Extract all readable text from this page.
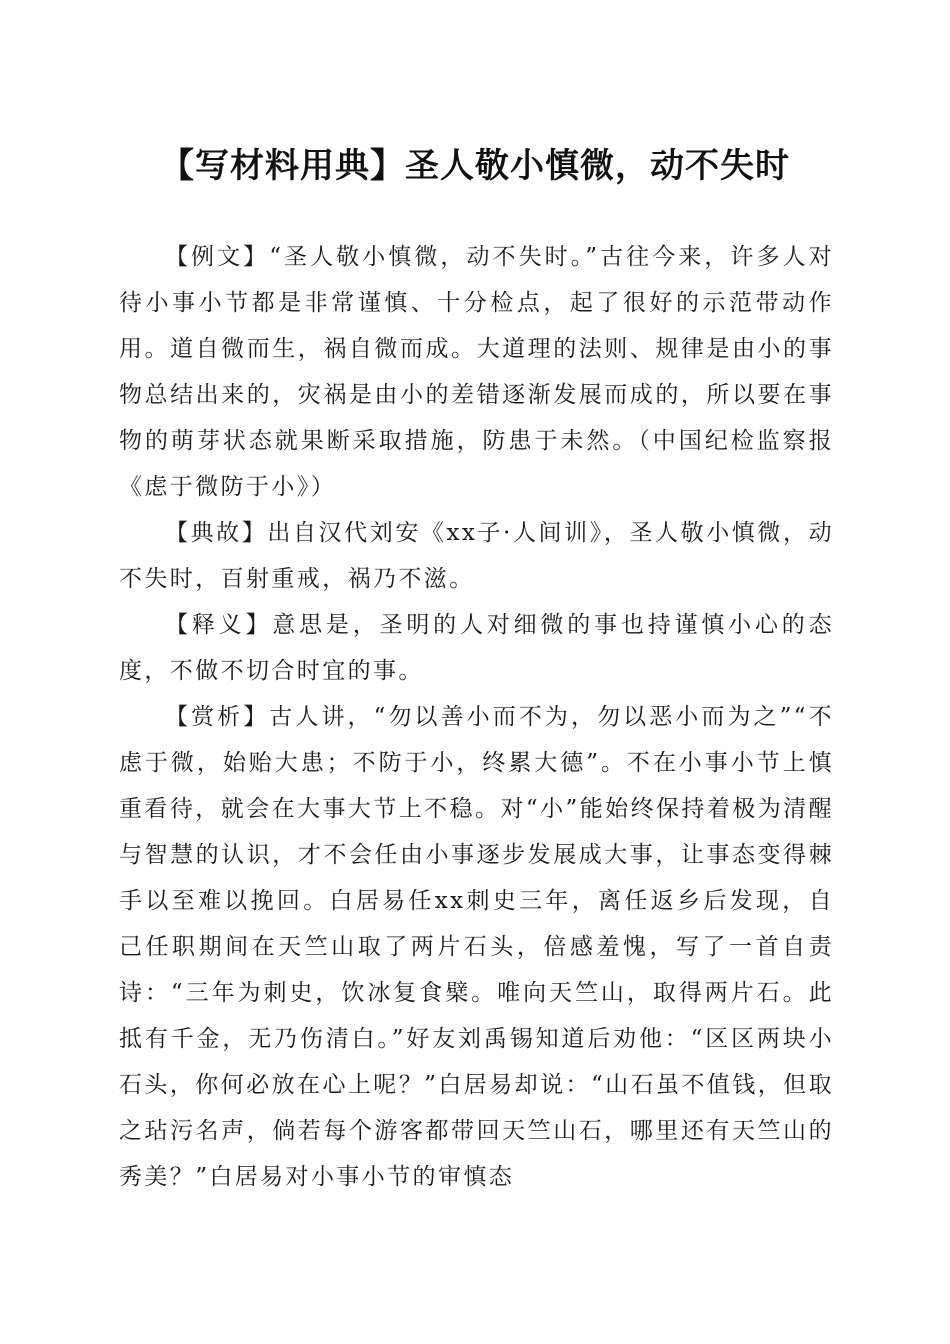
【写材料用典】圣人敬小慎微，动不失时

【例文】“圣人敬小慎微，动不失时。”古往今来，许多人对待小事小节都是非常谨慎、十分检点，起了很好的示范带动作用。道自微而生，祸自微而成。大道理的法则、规律是由小的事物总结出来的，灾祸是由小的差错逐渐发展而成的，所以要在事物的萌芽状态就果断采取措施，防患于未然。（中国纪检监察报《虑于微防于小》）

【典故】出自汉代刘安《xx子·人间训》，圣人敬小慎微，动不失时，百射重戒，祸乃不滋。

【释义】意思是，圣明的人对细微的事也持谨慎小心的态度，不做不切合时宜的事。

【赏析】古人讲，“勿以善小而不为，勿以恶小而为之”“不虑于微，始贻大患；不防于小，终累大德”。不在小事小节上慎重看待，就会在大事大节上不稳。对“小”能始终保持着极为清醒与智慧的认识，才不会任由小事逐步发展成大事，让事态变得棘手以至难以挽回。白居易任xx刺史三年，离任返乡后发现，自己任职期间在天竺山取了两片石头，倍感羞愧，写了一首自责诗：“三年为刺史，饮冰复食檗。唯向天竺山，取得两片石。此抵有千金，无乃伤清白。”好友刘禹锡知道后劝他：“区区两块小石头，你何必放在心上呢？”白居易却说：“山石虽不值钱，但取之玷污名声，倘若每个游客都带回天竺山石，哪里还有天竺山的秀美？”白居易对小事小节的审慎态
